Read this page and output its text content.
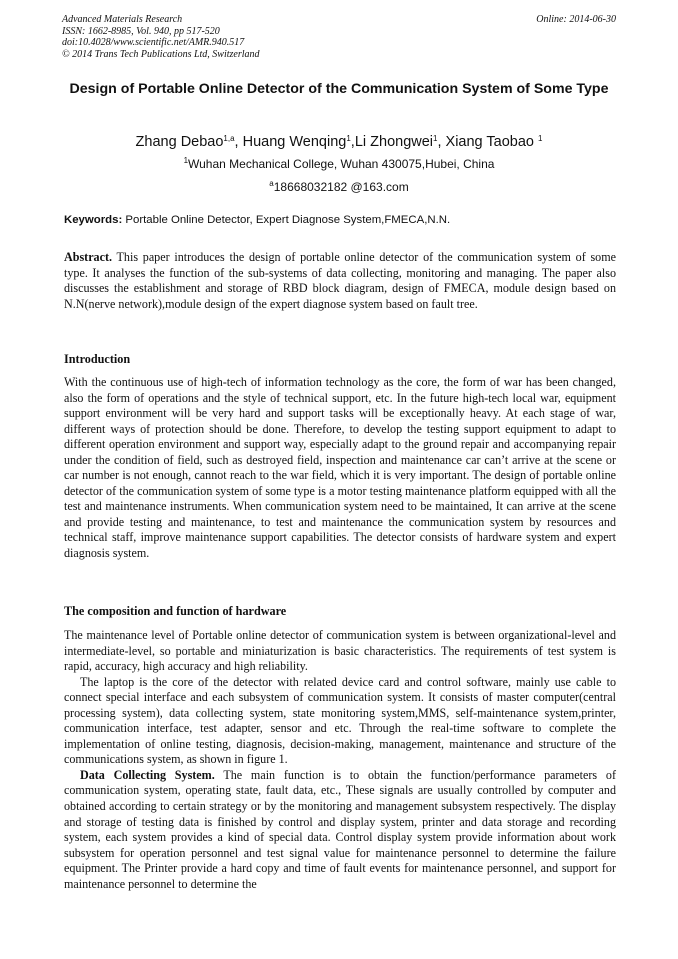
Advanced Materials Research
ISSN: 1662-8985, Vol. 940, pp 517-520
doi:10.4028/www.scientific.net/AMR.940.517
© 2014 Trans Tech Publications Ltd, Switzerland
Online: 2014-06-30
Design of Portable Online Detector of the Communication System of Some Type
Zhang Debao$^{1,a}$, Huang Wenqing$^1$,Li Zhongwei$^1$, Xiang Taobao $^1$
$^1$Wuhan Mechanical College, Wuhan 430075,Hubei, China
$^a$18668032182 @163.com
Keywords: Portable Online Detector, Expert Diagnose System,FMECA,N.N.

Abstract. This paper introduces the design of portable online detector of the communication system of some type. It analyses the function of the sub-systems of data collecting, monitoring and managing. The paper also discusses the establishment and storage of RBD block diagram, design of FMECA, module design based on N.N(nerve network),module design of the expert diagnose system based on fault tree.

Introduction

With the continuous use of high-tech of information technology as the core, the form of war has been changed, also the form of operations and the style of technical support, etc. In the future high-tech local war, equipment support environment will be very hard and support tasks will be exceptionally heavy. At each stage of war, different ways of protection should be done. Therefore, to develop the testing support equipment to adapt to different operation environment and support way, especially adapt to the ground repair and accompanying repair under the condition of field, such as destroyed field, inspection and maintenance car can’t arrive at the scene or car number is not enough, cannot reach to the war field, which it is very important. The design of portable online detector of the communication system of some type is a motor testing maintenance platform equipped with all the test and maintenance instruments. When communication system need to be maintained, It can arrive at the scene and provide testing and maintenance, to test and maintenance the communication system by resources and technical staff, improve maintenance support capabilities. The detector consists of hardware system and expert diagnosis system.

The composition and function of hardware

The maintenance level of Portable online detector of communication system is between organizational-level and intermediate-level, so portable and miniaturization is basic characteristics. The requirements of test system is rapid, accuracy, high accuracy and high reliability.

The laptop is the core of the detector with related device card and control software, mainly use cable to connect special interface and each subsystem of communication system. It consists of master computer(central processing system), data collecting system, state monitoring system,MMS, self-maintenance system,printer, communication interface, test adapter, sensor and etc. Through the real-time software to complete the implementation of online testing, diagnosis, decision-making, management, maintenance and structure of the communications system, as shown in figure 1.

Data Collecting System. The main function is to obtain the function/performance parameters of communication system, operating state, fault data, etc., These signals are usually controlled by computer and obtained according to certain strategy or by the monitoring and management subsystem respectively. The display and storage of testing data is finished by control and display system, printer and data storage and recording system, each system provides a kind of special data. Control display system provide information about work subsystem for operation personnel and test signal value for maintenance personnel to determine the failure equipment. The Printer provide a hard copy and time of fault events for maintenance personnel, and support for maintenance personnel to determine the
